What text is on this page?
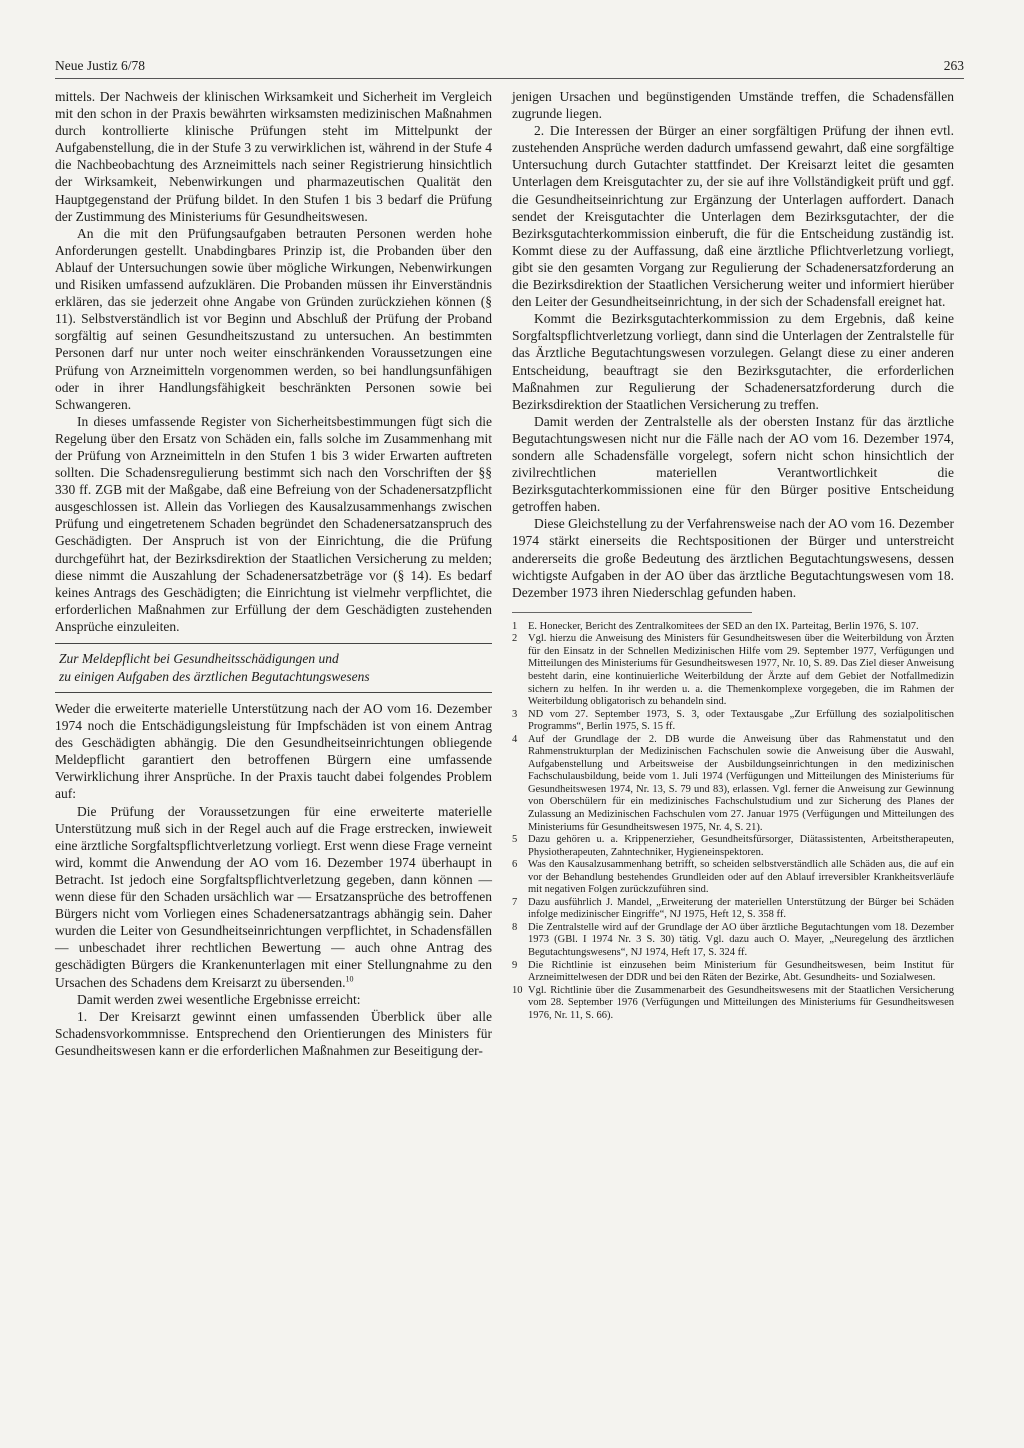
Neue Justiz 6/78	263

mittels. Der Nachweis der klinischen Wirksamkeit und Sicherheit im Vergleich mit den schon in der Praxis bewährten wirksamsten medizinischen Maßnahmen durch kontrollierte klinische Prüfungen steht im Mittelpunkt der Aufgabenstellung, die in der Stufe 3 zu verwirklichen ist, während in der Stufe 4 die Nachbeobachtung des Arzneimittels nach seiner Registrierung hinsichtlich der Wirksamkeit, Nebenwirkungen und pharmazeutischen Qualität den Hauptgegenstand der Prüfung bildet. In den Stufen 1 bis 3 bedarf die Prüfung der Zustimmung des Ministeriums für Gesundheitswesen.

An die mit den Prüfungsaufgaben betrauten Personen werden hohe Anforderungen gestellt. Unabdingbares Prinzip ist, die Probanden über den Ablauf der Untersuchungen sowie über mögliche Wirkungen, Nebenwirkungen und Risiken umfassend aufzuklären. Die Probanden müssen ihr Einverständnis erklären, das sie jederzeit ohne Angabe von Gründen zurückziehen können (§ 11). Selbstverständlich ist vor Beginn und Abschluß der Prüfung der Proband sorgfältig auf seinen Gesundheitszustand zu untersuchen. An bestimmten Personen darf nur unter noch weiter einschränkenden Voraussetzungen eine Prüfung von Arzneimitteln vorgenommen werden, so bei handlungsunfähigen oder in ihrer Handlungsfähigkeit beschränkten Personen sowie bei Schwangeren.

In dieses umfassende Register von Sicherheitsbestimmungen fügt sich die Regelung über den Ersatz von Schäden ein, falls solche im Zusammenhang mit der Prüfung von Arzneimitteln in den Stufen 1 bis 3 wider Erwarten auftreten sollten. Die Schadensregulierung bestimmt sich nach den Vorschriften der §§ 330 ff. ZGB mit der Maßgabe, daß eine Befreiung von der Schadenersatzpflicht ausgeschlossen ist. Allein das Vorliegen des Kausalzusammenhangs zwischen Prüfung und eingetretenem Schaden begründet den Schadenersatzanspruch des Geschädigten. Der Anspruch ist von der Einrichtung, die die Prüfung durchgeführt hat, der Bezirksdirektion der Staatlichen Versicherung zu melden; diese nimmt die Auszahlung der Schadenersatzbeträge vor (§ 14). Es bedarf keines Antrags des Geschädigten; die Einrichtung ist vielmehr verpflichtet, die erforderlichen Maßnahmen zur Erfüllung der dem Geschädigten zustehenden Ansprüche einzuleiten.

Zur Meldepflicht bei Gesundheitsschädigungen und
zu einigen Aufgaben des ärztlichen Begutachtungswesens

Weder die erweiterte materielle Unterstützung nach der AO vom 16. Dezember 1974 noch die Entschädigungsleistung für Impfschäden ist von einem Antrag des Geschädigten abhängig. Die den Gesundheitseinrichtungen obliegende Meldepflicht garantiert den betroffenen Bürgern eine umfassende Verwirklichung ihrer Ansprüche. In der Praxis taucht dabei folgendes Problem auf:

Die Prüfung der Voraussetzungen für eine erweiterte materielle Unterstützung muß sich in der Regel auch auf die Frage erstrecken, inwieweit eine ärztliche Sorgfaltspflichtverletzung vorliegt. Erst wenn diese Frage verneint wird, kommt die Anwendung der AO vom 16. Dezember 1974 überhaupt in Betracht. Ist jedoch eine Sorgfaltspflichtverletzung gegeben, dann können — wenn diese für den Schaden ursächlich war — Ersatzansprüche des betroffenen Bürgers nicht vom Vorliegen eines Schadenersatzantrags abhängig sein. Daher wurden die Leiter von Gesundheitseinrichtungen verpflichtet, in Schadensfällen — unbeschadet ihrer rechtlichen Bewertung — auch ohne Antrag des geschädigten Bürgers die Krankenunterlagen mit einer Stellungnahme zu den Ursachen des Schadens dem Kreisarzt zu übersenden.$^{10}$

Damit werden zwei wesentliche Ergebnisse erreicht:

1. Der Kreisarzt gewinnt einen umfassenden Überblick über alle Schadensvorkommnisse. Entsprechend den Orientierungen des Ministers für Gesundheitswesen kann er die erforderlichen Maßnahmen zur Beseitigung der-

jenigen Ursachen und begünstigenden Umstände treffen, die Schadensfällen zugrunde liegen.

2. Die Interessen der Bürger an einer sorgfältigen Prüfung der ihnen evtl. zustehenden Ansprüche werden dadurch umfassend gewahrt, daß eine sorgfältige Untersuchung durch Gutachter stattfindet. Der Kreisarzt leitet die gesamten Unterlagen dem Kreisgutachter zu, der sie auf ihre Vollständigkeit prüft und ggf. die Gesundheitseinrichtung zur Ergänzung der Unterlagen auffordert. Danach sendet der Kreisgutachter die Unterlagen dem Bezirksgutachter, der die Bezirksgutachterkommission einberuft, die für die Entscheidung zuständig ist. Kommt diese zu der Auffassung, daß eine ärztliche Pflichtverletzung vorliegt, gibt sie den gesamten Vorgang zur Regulierung der Schadenersatzforderung an die Bezirksdirektion der Staatlichen Versicherung weiter und informiert hierüber den Leiter der Gesundheitseinrichtung, in der sich der Schadensfall ereignet hat.

Kommt die Bezirksgutachterkommission zu dem Ergebnis, daß keine Sorgfaltspflichtverletzung vorliegt, dann sind die Unterlagen der Zentralstelle für das Ärztliche Begutachtungswesen vorzulegen. Gelangt diese zu einer anderen Entscheidung, beauftragt sie den Bezirksgutachter, die erforderlichen Maßnahmen zur Regulierung der Schadenersatzforderung durch die Bezirksdirektion der Staatlichen Versicherung zu treffen.

Damit werden der Zentralstelle als der obersten Instanz für das ärztliche Begutachtungswesen nicht nur die Fälle nach der AO vom 16. Dezember 1974, sondern alle Schadensfälle vorgelegt, sofern nicht schon hinsichtlich der zivilrechtlichen materiellen Verantwortlichkeit die Bezirksgutachterkommissionen eine für den Bürger positive Entscheidung getroffen haben.

Diese Gleichstellung zu der Verfahrensweise nach der AO vom 16. Dezember 1974 stärkt einerseits die Rechtspositionen der Bürger und unterstreicht andererseits die große Bedeutung des ärztlichen Begutachtungswesens, dessen wichtigste Aufgaben in der AO über das ärztliche Begutachtungswesen vom 18. Dezember 1973 ihren Niederschlag gefunden haben.

1	E. Honecker, Bericht des Zentralkomitees der SED an den IX. Parteitag, Berlin 1976, S. 107.
2	Vgl. hierzu die Anweisung des Ministers für Gesundheitswesen über die Weiterbildung von Ärzten für den Einsatz in der Schnellen Medizinischen Hilfe vom 29. September 1977, Verfügungen und Mitteilungen des Ministeriums für Gesundheitswesen 1977, Nr. 10, S. 89. Das Ziel dieser Anweisung besteht darin, eine kontinuierliche Weiterbildung der Ärzte auf dem Gebiet der Notfallmedizin sichern zu helfen. In ihr werden u. a. die Themenkomplexe vorgegeben, die im Rahmen der Weiterbildung obligatorisch zu behandeln sind.
3	ND vom 27. September 1973, S. 3, oder Textausgabe „Zur Erfüllung des sozialpolitischen Programms“, Berlin 1975, S. 15 ff.
4	Auf der Grundlage der 2. DB wurde die Anweisung über das Rahmenstatut und den Rahmenstrukturplan der Medizinischen Fachschulen sowie die Anweisung über die Auswahl, Aufgabenstellung und Arbeitsweise der Ausbildungseinrichtungen in den medizinischen Fachschulausbildung, beide vom 1. Juli 1974 (Verfügungen und Mitteilungen des Ministeriums für Gesundheitswesen 1974, Nr. 13, S. 79 und 83), erlassen. Vgl. ferner die Anweisung zur Gewinnung von Oberschülern für ein medizinisches Fachschulstudium und zur Sicherung des Planes der Zulassung an Medizinischen Fachschulen vom 27. Januar 1975 (Verfügungen und Mitteilungen des Ministeriums für Gesundheitswesen 1975, Nr. 4, S. 21).
5	Dazu gehören u. a. Krippenerzieher, Gesundheitsfürsorger, Diätassistenten, Arbeitstherapeuten, Physiotherapeuten, Zahntechniker, Hygieneinspektoren.
6	Was den Kausalzusammenhang betrifft, so scheiden selbstverständlich alle Schäden aus, die auf ein vor der Behandlung bestehendes Grundleiden oder auf den Ablauf irreversibler Krankheitsverläufe mit negativen Folgen zurückzuführen sind.
7	Dazu ausführlich J. Mandel, „Erweiterung der materiellen Unterstützung der Bürger bei Schäden infolge medizinischer Eingriffe“, NJ 1975, Heft 12, S. 358 ff.
8	Die Zentralstelle wird auf der Grundlage der AO über ärztliche Begutachtungen vom 18. Dezember 1973 (GBl. I 1974 Nr. 3 S. 30) tätig. Vgl. dazu auch O. Mayer, „Neuregelung des ärztlichen Begutachtungswesens“, NJ 1974, Heft 17, S. 324 ff.
9	Die Richtlinie ist einzusehen beim Ministerium für Gesundheitswesen, beim Institut für Arzneimittelwesen der DDR und bei den Räten der Bezirke, Abt. Gesundheits- und Sozialwesen.
10 Vgl. Richtlinie über die Zusammenarbeit des Gesundheitswesens mit der Staatlichen Versicherung vom 28. September 1976 (Verfügungen und Mitteilungen des Ministeriums für Gesundheitswesen 1976, Nr. 11, S. 66).
